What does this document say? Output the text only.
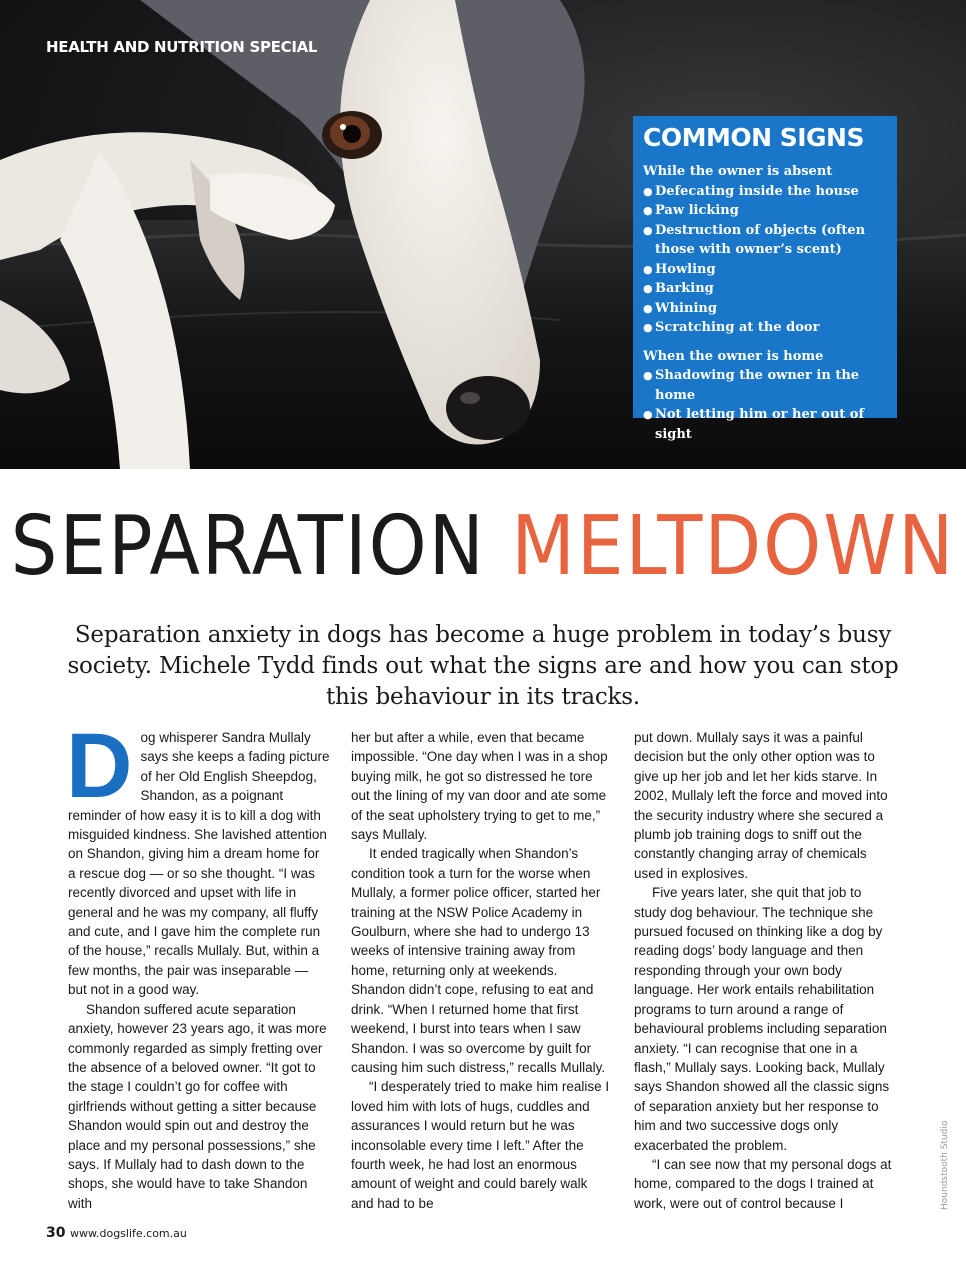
HEALTH AND NUTRITION SPECIAL

COMMON SIGNS

While the owner is absent

● Defecating inside the house
● Paw licking
● Destruction of objects (often those with owner’s scent)
● Howling
● Barking
● Whining
● Scratching at the door

When the owner is home

● Shadowing the owner in the home
● Not letting him or her out of sight
SEPARATION MELTDOWN

Separation anxiety in dogs has become a huge problem in today’s busy society. Michele Tydd finds out what the signs are and how you can stop this behaviour in its tracks.

Dog whisperer Sandra Mullaly says she keeps a fading picture of her Old English Sheepdog, Shandon, as a poignant reminder of how easy it is to kill a dog with misguided kindness. She lavished attention on Shandon, giving him a dream home for a rescue dog — or so she thought. “I was recently divorced and upset with life in general and he was my company, all fluffy and cute, and I gave him the complete run of the house,” recalls Mullaly. But, within a few months, the pair was inseparable — but not in a good way.

Shandon suffered acute separation anxiety, however 23 years ago, it was more commonly regarded as simply fretting over the absence of a beloved owner. “It got to the stage I couldn’t go for coffee with girlfriends without getting a sitter because Shandon would spin out and destroy the place and my personal possessions,” she says. If Mullaly had to dash down to the shops, she would have to take Shandon with

her but after a while, even that became impossible. “One day when I was in a shop buying milk, he got so distressed he tore out the lining of my van door and ate some of the seat upholstery trying to get to me,” says Mullaly.

It ended tragically when Shandon’s condition took a turn for the worse when Mullaly, a former police officer, started her training at the NSW Police Academy in Goulburn, where she had to undergo 13 weeks of intensive training away from home, returning only at weekends. Shandon didn’t cope, refusing to eat and drink. “When I returned home that first weekend, I burst into tears when I saw Shandon. I was so overcome by guilt for causing him such distress,” recalls Mullaly.

“I desperately tried to make him realise I loved him with lots of hugs, cuddles and assurances I would return but he was inconsolable every time I left.” After the fourth week, he had lost an enormous amount of weight and could barely walk and had to be

put down. Mullaly says it was a painful decision but the only other option was to give up her job and let her kids starve. In 2002, Mullaly left the force and moved into the security industry where she secured a plumb job training dogs to sniff out the constantly changing array of chemicals used in explosives.

Five years later, she quit that job to study dog behaviour. The technique she pursued focused on thinking like a dog by reading dogs’ body language and then responding through your own body language. Her work entails rehabilitation programs to turn around a range of behavioural problems including separation anxiety. “I can recognise that one in a flash,” Mullaly says. Looking back, Mullaly says Shandon showed all the classic signs of separation anxiety but her response to him and two successive dogs only exacerbated the problem.

“I can see now that my personal dogs at home, compared to the dogs I trained at work, were out of control because I

30 www.dogslife.com.au

Houndstooth Studio
